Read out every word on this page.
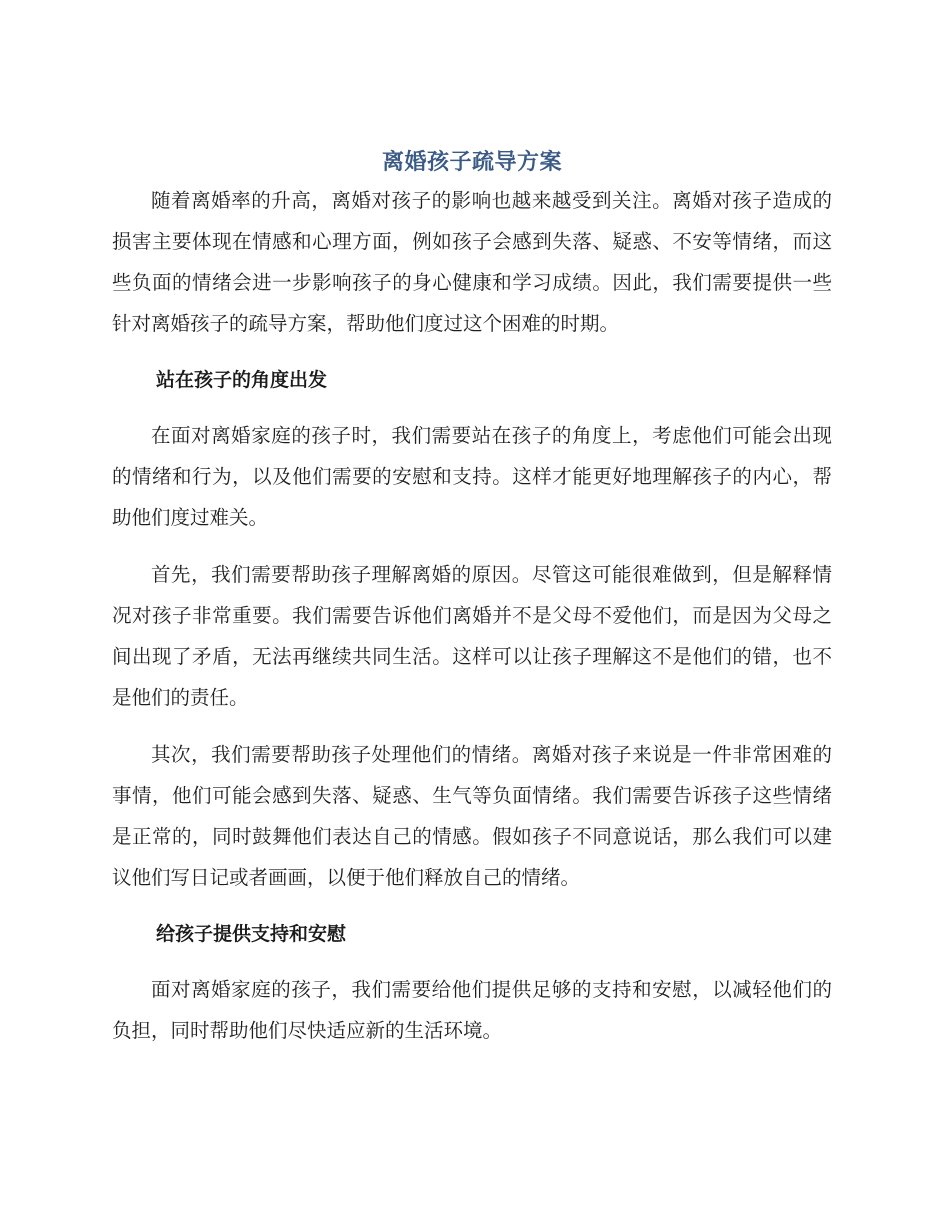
离婚孩子疏导方案

随着离婚率的升高，离婚对孩子的影响也越来越受到关注。离婚对孩子造成的损害主要体现在情感和心理方面，例如孩子会感到失落、疑惑、不安等情绪，而这些负面的情绪会进一步影响孩子的身心健康和学习成绩。因此，我们需要提供一些针对离婚孩子的疏导方案，帮助他们度过这个困难的时期。

站在孩子的角度出发

在面对离婚家庭的孩子时，我们需要站在孩子的角度上，考虑他们可能会出现的情绪和行为，以及他们需要的安慰和支持。这样才能更好地理解孩子的内心，帮助他们度过难关。

首先，我们需要帮助孩子理解离婚的原因。尽管这可能很难做到，但是解释情况对孩子非常重要。我们需要告诉他们离婚并不是父母不爱他们，而是因为父母之间出现了矛盾，无法再继续共同生活。这样可以让孩子理解这不是他们的错，也不是他们的责任。

其次，我们需要帮助孩子处理他们的情绪。离婚对孩子来说是一件非常困难的事情，他们可能会感到失落、疑惑、生气等负面情绪。我们需要告诉孩子这些情绪是正常的，同时鼓舞他们表达自己的情感。假如孩子不同意说话，那么我们可以建议他们写日记或者画画，以便于他们释放自己的情绪。

给孩子提供支持和安慰

面对离婚家庭的孩子，我们需要给他们提供足够的支持和安慰，以减轻他们的负担，同时帮助他们尽快适应新的生活环境。
